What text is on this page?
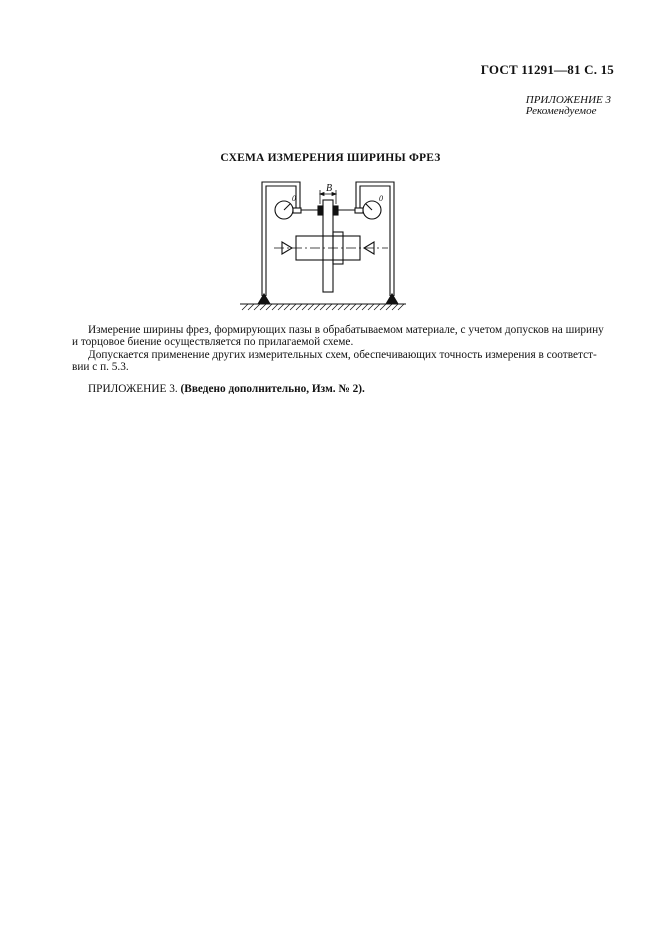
ГОСТ 11291—81 С. 15
ПРИЛОЖЕНИЕ 3
Рекомендуемое
СХЕМА ИЗМЕРЕНИЯ ШИРИНЫ ФРЕЗ
B
0	0
Измерение ширины фрез, формирующих пазы в обрабатываемом материале, с учетом допусков на ширину
и торцовое биение осуществляется по прилагаемой схеме.
Допускается применение других измерительных схем, обеспечивающих точность измерения в соответст-
вии с п. 5.3.
ПРИЛОЖЕНИЕ 3. (Введено дополнительно, Изм. № 2).
